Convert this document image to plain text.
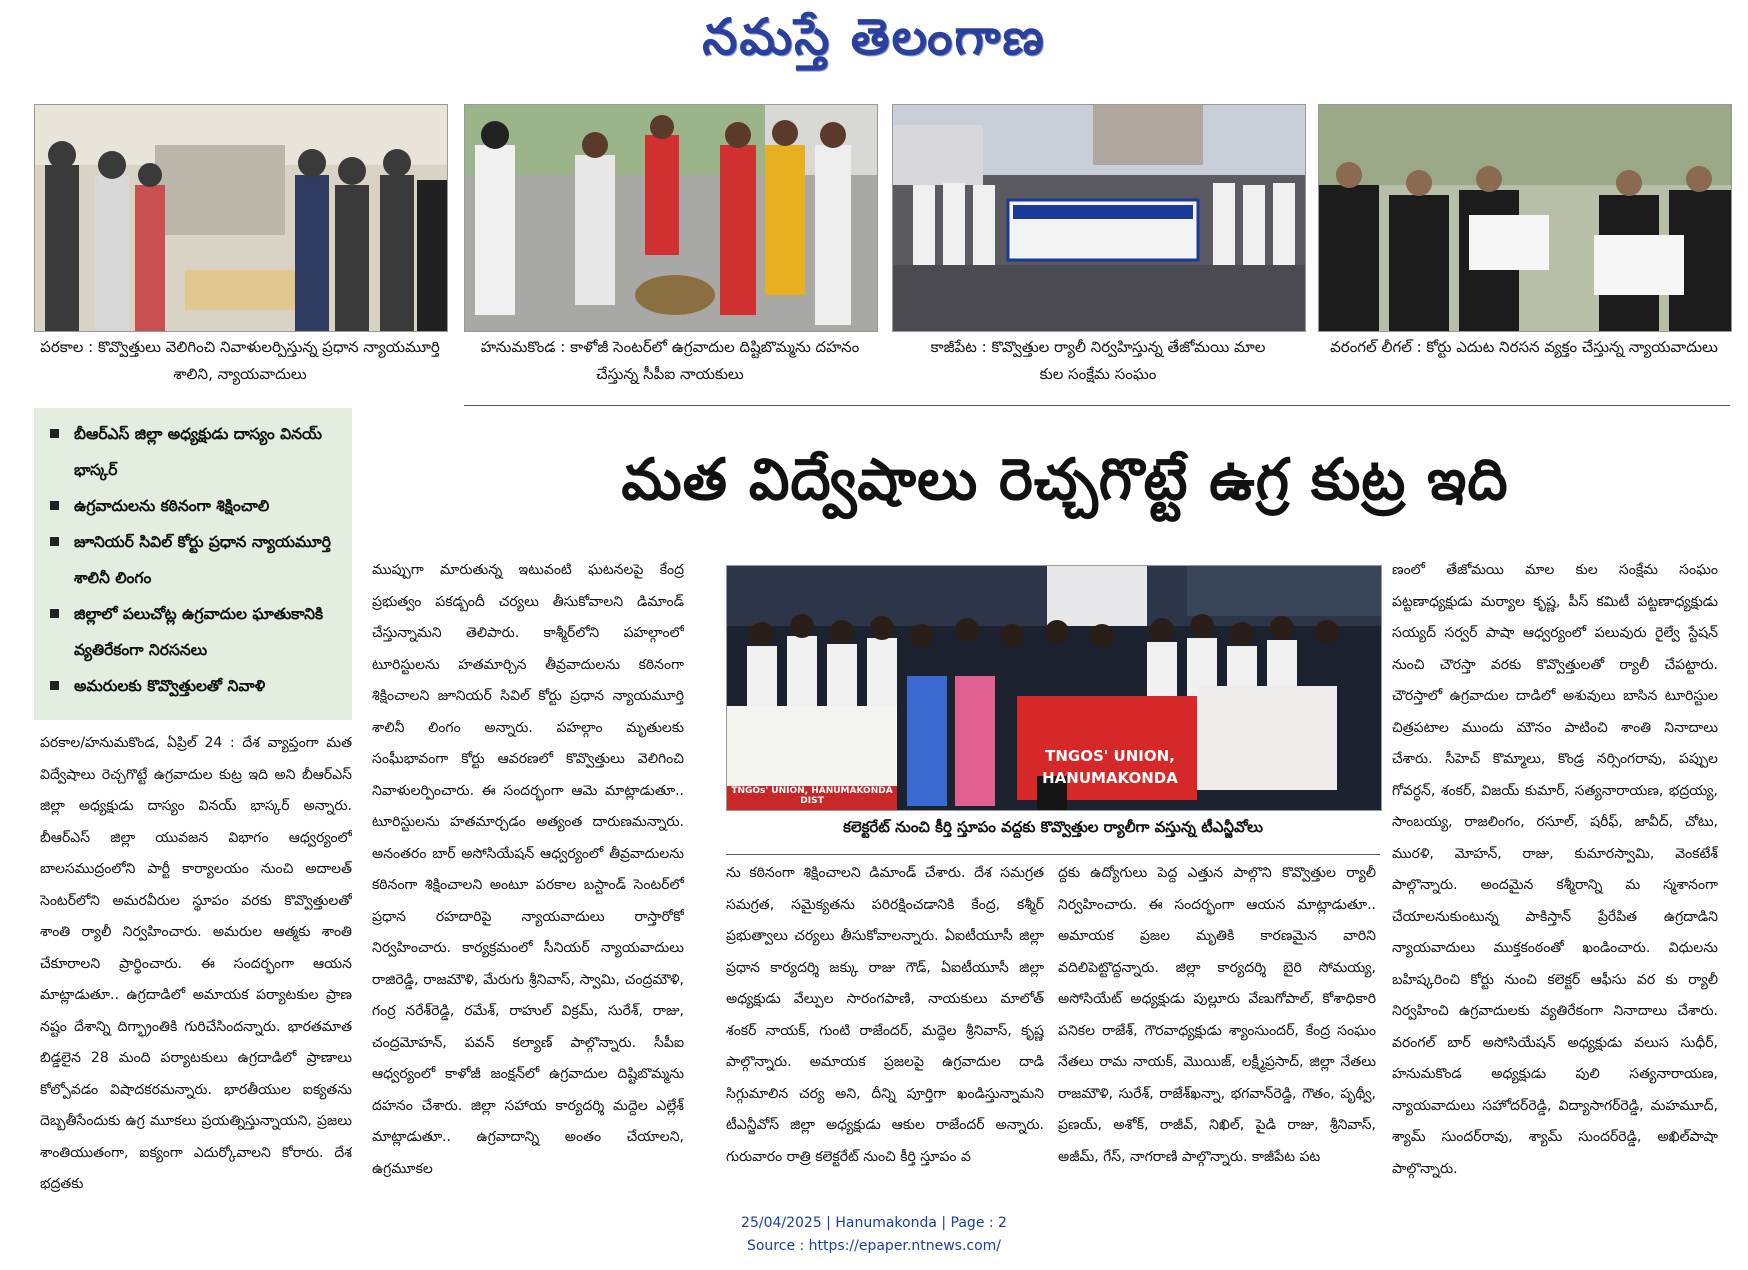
నమస్తే తెలంగాణ
పరకాల : కొవ్వొత్తులు వెలిగించి నివాళులర్పిస్తున్న ప్రధాన న్యాయమూర్తి శాలిని, న్యాయవాదులు
హనుమకొండ : కాళోజీ సెంటర్‌లో ఉగ్రవాదుల దిష్టిబొమ్మను దహనం చేస్తున్న సీపీఐ నాయకులు
కాజీపేట : కొవ్వొత్తుల ర్యాలీ నిర్వహిస్తున్న తేజోమయి మాల కుల సంక్షేమ సంఘం
వరంగల్ లీగల్ : కోర్టు ఎదుట నిరసన వ్యక్తం చేస్తున్న న్యాయవాదులు
బీఆర్ఎస్ జిల్లా అధ్యక్షుడు దాస్యం వినయ్ భాస్కర్
ఉగ్రవాదులను కఠినంగా శిక్షించాలి
జూనియర్ సివిల్ కోర్టు ప్రధాన న్యాయమూర్తి శాలినీ లింగం
జిల్లాలో పలుచోట్ల ఉగ్రవాదుల ఘాతుకానికి వ్యతిరేకంగా నిరసనలు
అమరులకు కొవ్వొత్తులతో నివాళి
మత విద్వేషాలు రెచ్చగొట్టే ఉగ్ర కుట్ర ఇది

పరకాల/హనుమకొండ, ఏప్రిల్ 24 : దేశ వ్యాప్తంగా మత విద్వేషాలు రెచ్చగొట్టే ఉగ్రవాదుల కుట్ర ఇది అని బీఆర్ఎస్ జిల్లా అధ్యక్షుడు దాస్యం వినయ్ భాస్కర్ అన్నారు. బీఆర్ఎస్ జిల్లా యువజన విభాగం ఆధ్వర్యంలో బాలసముద్రంలోని పార్టీ కార్యాలయం నుంచి అదాలత్ సెంటర్‌లోని అమరవీరుల స్థూపం వరకు కొవ్వొత్తులతో శాంతి ర్యాలీ నిర్వహించారు. అమరుల ఆత్మకు శాంతి చేకూరాలని ప్రార్థించారు. ఈ సందర్భంగా ఆయన మాట్లాడుతూ.. ఉగ్రదాడిలో అమాయక పర్యాటకుల ప్రాణ నష్టం దేశాన్ని దిగ్భ్రాంతికి గురిచేసిందన్నారు. భారతమాత బిడ్డలైన 28 మంది పర్యాటకులు ఉగ్రదాడిలో ప్రాణాలు కోల్పోవడం విషాదకరమన్నారు. భారతీయుల ఐక్యతను దెబ్బతీసేందుకు ఉగ్ర మూకలు ప్రయత్నిస్తున్నాయని, ప్రజలు శాంతియుతంగా, ఐక్యంగా ఎదుర్కోవాలని కోరారు. దేశ భద్రతకు

ముప్పుగా మారుతున్న ఇటువంటి ఘటనలపై కేంద్ర ప్రభుత్వం పకడ్బందీ చర్యలు తీసుకోవాలని డిమాండ్ చేస్తున్నామని తెలిపారు. కాశ్మీర్‌లోని పహల్గాంలో టూరిస్టులను హతమార్చిన తీవ్రవాదులను కఠినంగా శిక్షించాలని జూనియర్ సివిల్ కోర్టు ప్రధాన న్యాయమూర్తి శాలినీ లింగం అన్నారు. పహల్గాం మృతులకు సంఘీభావంగా కోర్టు ఆవరణలో కొవ్వొత్తులు వెలిగించి నివాళులర్పించారు. ఈ సందర్భంగా ఆమె మాట్లాడుతూ.. టూరిస్టులను హతమార్చడం అత్యంత దారుణమన్నారు. అనంతరం బార్ అసోసియేషన్ ఆధ్వర్యంలో తీవ్రవాదులను కఠినంగా శిక్షించాలని అంటూ పరకాల బస్టాండ్ సెంటర్‌లో ప్రధాన రహదారిపై న్యాయవాదులు రాస్తారోకో నిర్వహించారు. కార్యక్రమంలో సీనియర్ న్యాయవాదులు రాజిరెడ్డి, రాజమౌళి, మేరుగు శ్రీనివాస్, స్వామి, చంద్రమౌళి, గంర్ర నరేశ్‌రెడ్డి, రమేశ్, రాహుల్ విక్రమ్, సురేశ్, రాజు, చంద్రమోహన్, పవన్ కల్యాణ్ పాల్గొన్నారు. సీపీఐ ఆధ్వర్యంలో కాళోజీ జంక్షన్‌లో ఉగ్రవాదుల దిష్టిబొమ్మను దహనం చేశారు. జిల్లా సహాయ కార్యదర్శి మద్దెల ఎల్లేశ్ మాట్లాడుతూ.. ఉగ్రవాదాన్ని అంతం చేయాలని, ఉగ్రమూకల

TNGOS' UNION, HANUMAKONDA
TNGOs' UNION, HANUMAKONDA DIST
కలెక్టరేట్ నుంచి కీర్తి స్తూపం వద్దకు కొవ్వొత్తుల ర్యాలీగా వస్తున్న టీఎన్జీవోలు

ను కఠినంగా శిక్షించాలని డిమాండ్ చేశారు. దేశ సమగ్రత సమగ్రత, సమైక్యతను పరిరక్షించడానికి కేంద్ర, కశ్మీర్ ప్రభుత్వాలు చర్యలు తీసుకోవాలన్నారు. ఏఐటీయూసీ జిల్లా ప్రధాన కార్యదర్శి జక్కు రాజు గౌడ్, ఏఐటీయూసీ జిల్లా అధ్యక్షుడు వేల్పుల సారంగపాణి, నాయకులు మాలోత్ శంకర్ నాయక్, గుంటి రాజేందర్, మద్దెల శ్రీనివాస్, కృష్ణ పాల్గొన్నారు. అమాయక ప్రజలపై ఉగ్రవాదుల దాడి సిగ్గుమాలిన చర్య అని, దీన్ని పూర్తిగా ఖండిస్తున్నామని టీఎన్జీవోస్ జిల్లా అధ్యక్షుడు ఆకుల రాజేందర్ అన్నారు. గురువారం రాత్రి కలెక్టరేట్ నుంచి కీర్తి స్తూపం వ

ద్దకు ఉద్యోగులు పెద్ద ఎత్తున పాల్గొని కొవ్వొత్తుల ర్యాలీ నిర్వహించారు. ఈ సందర్భంగా ఆయన మాట్లాడుతూ.. అమాయక ప్రజల మృతికి కారణమైన వారిని వదిలిపెట్టొద్దన్నారు. జిల్లా కార్యదర్శి బైరి సోమయ్య, అసోసియేట్ అధ్యక్షుడు పుల్లూరు వేణుగోపాల్, కోశాధికారి పనికల రాజేశ్, గౌరవాధ్యక్షుడు శ్యాంసుందర్, కేంద్ర సంఘం నేతలు రామ నాయక్, మొయిజ్, లక్ష్మీప్రసాద్, జిల్లా నేతలు రాజమౌళి, సురేశ్, రాజేశ్‌ఖన్నా, భగవాన్‌రెడ్డి, గౌతం, పృథ్వీ, ప్రణయ్, అశోక్, రాజీవ్, నిఖిల్, పైడి రాజు, శ్రీనివాస్, అజీమ్, గేస్, నాగరాణి పాల్గొన్నారు. కాజీపేట పట

ణంలో తేజోమయి మాల కుల సంక్షేమ సంఘం పట్టణాధ్యక్షుడు మర్యాల కృష్ణ, పీస్ కమిటీ పట్టణాధ్యక్షుడు సయ్యద్ సర్వర్ పాషా ఆధ్వర్యంలో పలువురు రైల్వే స్టేషన్ నుంచి చౌరస్తా వరకు కొవ్వొత్తులతో ర్యాలీ చేపట్టారు. చౌరస్తాలో ఉగ్రవాదుల దాడిలో అశువులు బాసిన టూరిస్టుల చిత్రపటాల ముందు మౌనం పాటించి శాంతి నినాదాలు చేశారు. సీహెచ్ కొమ్మాలు, కొండ్ర నర్సింగరావు, పప్పుల గోవర్ధన్, శంకర్, విజయ్ కుమార్, సత్యనారాయణ, భద్రయ్య, సాంబయ్య, రాజలింగం, రసూల్, షరీఫ్, జావీద్, చోటు, మురళి, మోహన్, రాజు, కుమారస్వామి, వెంకటేశ్ పాల్గొన్నారు. అందమైన కశ్మీరాన్ని మ స్మశానంగా చేయాలనుకుంటున్న పాకిస్తాన్ ప్రేరేపిత ఉగ్రదాడిని న్యాయవాదులు ముక్తకంఠంతో ఖండించారు. విధులను బహిష్కరించి కోర్టు నుంచి కలెక్టర్ ఆఫీసు వర కు ర్యాలీ నిర్వహించి ఉగ్రవాదులకు వ్యతిరేకంగా నినాదాలు చేశారు. వరంగల్ బార్ అసోసియేషన్ అధ్యక్షుడు వలుస సుధీర్, హనుమకొండ అధ్యక్షుడు పులి సత్యనారాయణ, న్యాయవాదులు సహోదర్‌రెడ్డి, విద్యాసాగర్‌రెడ్డి, మహమూద్, శ్యామ్ సుందర్‌రావు, శ్యామ్ సుందర్‌రెడ్డి, అఖిల్‌పాషా పాల్గొన్నారు.

25/04/2025 | Hanumakonda | Page : 2
Source : https://epaper.ntnews.com/
